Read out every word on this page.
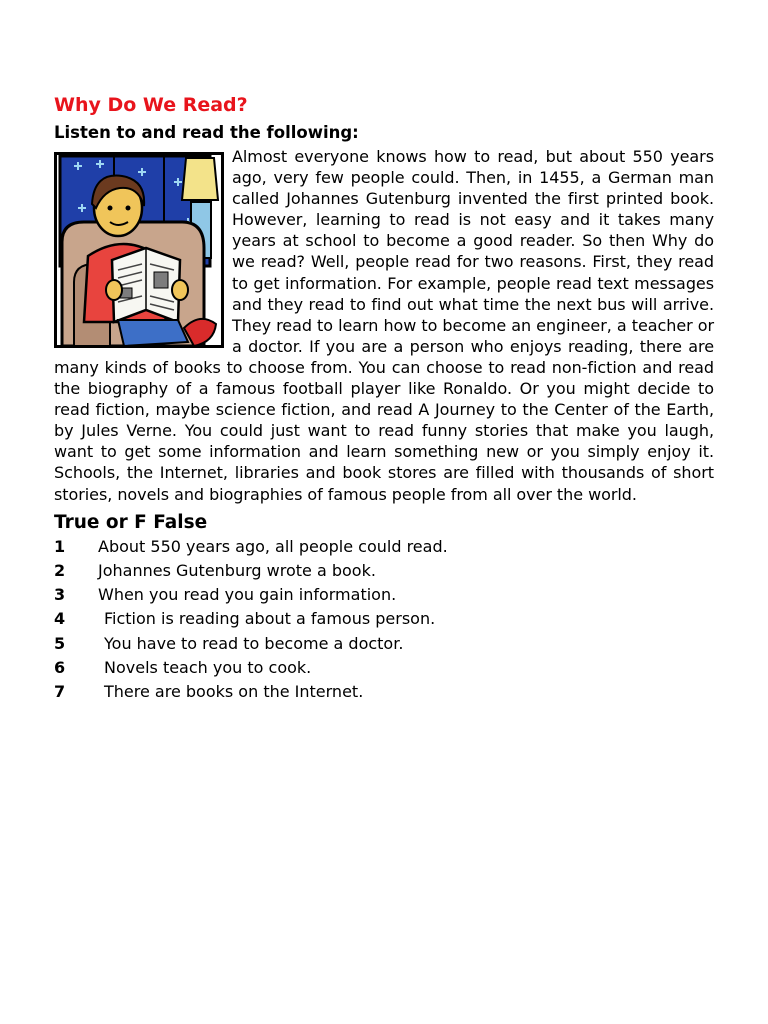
Why Do We Read?
Listen to and read the following:

Almost everyone knows how to read, but about 550 years ago, very few people could. Then, in 1455, a German man called Johannes Gutenburg invented the first printed book. However, learning to read is not easy and it takes many years at school to become a good reader. So then Why do we read? Well, people read for two reasons. First, they read to get information. For example, people read text messages and they read to find out what time the next bus will arrive. They read to learn how to become an engineer, a teacher or a doctor. If you are a person who enjoys reading, there are many kinds of books to choose from. You can choose to read non-fiction and read the biography of a famous football player like Ronaldo. Or you might decide to read fiction, maybe science fiction, and read A Journey to the Center of the Earth, by Jules Verne. You could just want to read funny stories that make you laugh, want to get some information and learn something new or you simply enjoy it. Schools, the Internet, libraries and book stores are filled with thousands of short stories, novels and biographies of famous people from all over the world.

True or F False
1	About 550 years ago, all people could read.
2	Johannes Gutenburg wrote a book.
3	When you read you gain information.
4	Fiction is reading about a famous person.
5	You have to read to become a doctor.
6	Novels teach you to cook.
7	There are books on the Internet.
